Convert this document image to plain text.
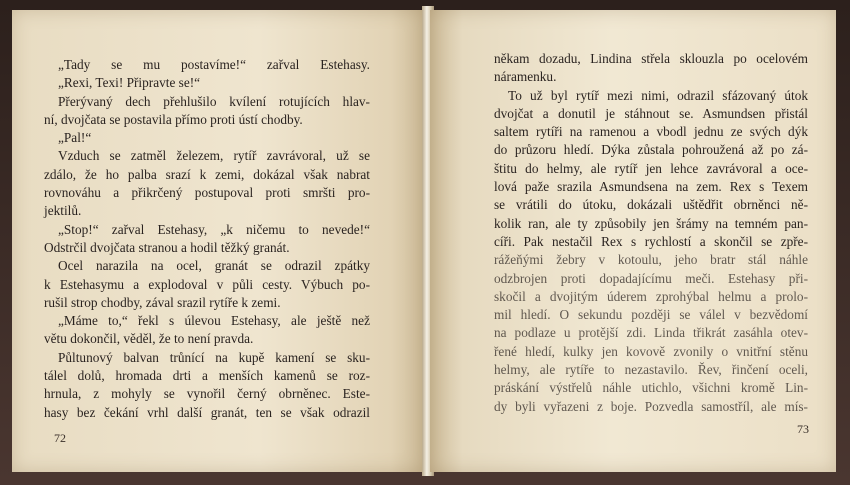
„Tady se mu postavíme!“ zařval Estehasy.
„Rexi, Texi! Připravte se!“
Přerývaný dech přehlušilo kvílení rotujících hlav-
ní, dvojčata se postavila přímo proti ústí chodby.
„Pal!“
Vzduch se zatměl železem, rytíř zavrávoral, už se
zdálo, že ho palba srazí k zemi, dokázal však nabrat
rovnováhu a přikrčený postupoval proti smršti pro-
jektilů.
„Stop!“ zařval Estehasy, „k ničemu to nevede!“
Odstrčil dvojčata stranou a hodil těžký granát.
Ocel narazila na ocel, granát se odrazil zpátky
k Estehasymu a explodoval v půli cesty. Výbuch po-
rušil strop chodby, zával srazil rytíře k zemi.
„Máme to,“ řekl s úlevou Estehasy, ale ještě než
větu dokončil, věděl, že to není pravda.
Půltunový balvan trůnící na kupě kamení se sku-
tálel dolů, hromada drti a menších kamenů se roz-
hrnula, z mohyly se vynořil černý obrněnec. Este-
hasy bez čekání vrhl další granát, ten se však odrazil
72
někam dozadu, Lindina střela sklouzla po ocelovém
náramenku.
To už byl rytíř mezi nimi, odrazil sfázovaný útok
dvojčat a donutil je stáhnout se. Asmundsen přistál
saltem rytíři na ramenou a vbodl jednu ze svých dýk
do průzoru hledí. Dýka zůstala pohroužená až po zá-
štitu do helmy, ale rytíř jen lehce zavrávoral a oce-
lová paže srazila Asmundsena na zem. Rex s Texem
se vrátili do útoku, dokázali uštědřit obrněnci ně-
kolik ran, ale ty způsobily jen šrámy na temném pan-
cíři. Pak nestačil Rex s rychlostí a skončil se zpře-
rážeňými žebry v kotoulu, jeho bratr stál náhle
odzbrojen proti dopadajícímu meči. Estehasy při-
skočil a dvojitým úderem zprohýbal helmu a prolo-
mil hledí. O sekundu později se válel v bezvědomí
na podlaze u protější zdi. Linda třikrát zasáhla otev-
řené hledí, kulky jen kovově zvonily o vnitřní stěnu
helmy, ale rytíře to nezastavilo. Řev, řinčení oceli,
práskání výstřelů náhle utichlo, všichni kromě Lin-
dy byli vyřazeni z boje. Pozvedla samostříl, ale mís-
73
